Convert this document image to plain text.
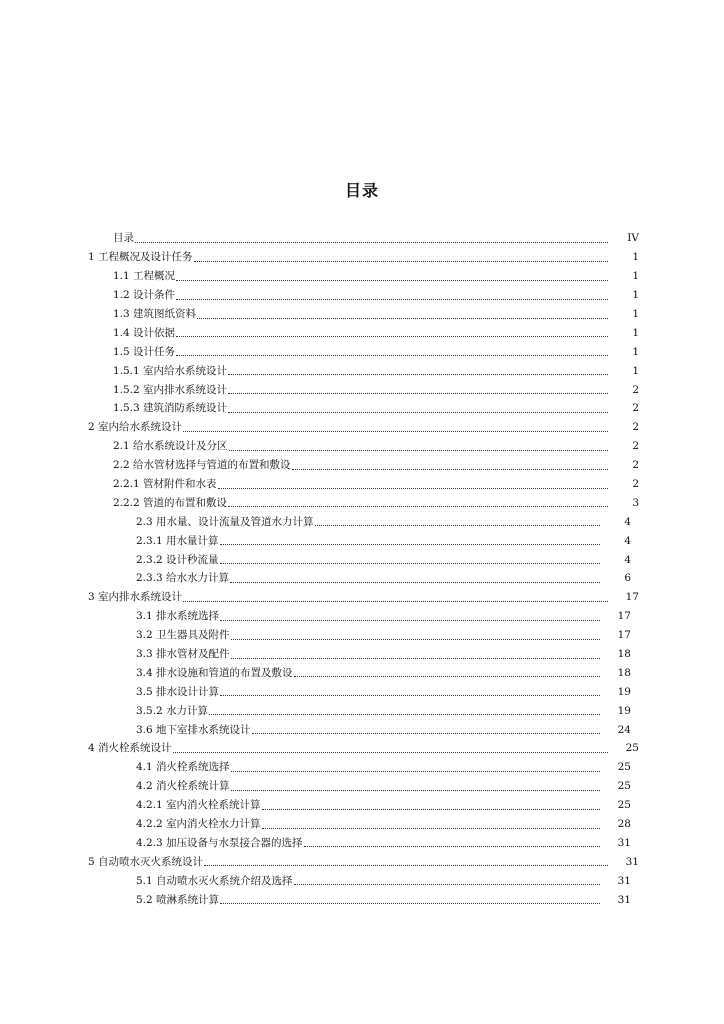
目录
目录	IV
1 工程概况及设计任务	1
1.1 工程概况	1
1.2 设计条件	1
1.3 建筑图纸资料	1
1.4 设计依据	1
1.5 设计任务	1
1.5.1 室内给水系统设计	1
1.5.2 室内排水系统设计	2
1.5.3 建筑消防系统设计	2
2 室内给水系统设计	2
2.1 给水系统设计及分区	2
2.2 给水管材选择与管道的布置和敷设	2
2.2.1 管材附件和水表	2
2.2.2 管道的布置和敷设	3
2.3 用水量、设计流量及管道水力计算	4
2.3.1 用水量计算	4
2.3.2 设计秒流量	4
2.3.3 给水水力计算	6
3 室内排水系统设计	17
3.1 排水系统选择	17
3.2 卫生器具及附件	17
3.3 排水管材及配件	18
3.4 排水设施和管道的布置及敷设	18
3.5 排水设计计算	19
3.5.2 水力计算	19
3.6 地下室排水系统设计	24
4 消火栓系统设计	25
4.1 消火栓系统选择	25
4.2 消火栓系统计算	25
4.2.1 室内消火栓系统计算	25
4.2.2 室内消火栓水力计算	28
4.2.3 加压设备与水泵接合器的选择	31
5 自动喷水灭火系统设计	31
5.1 自动喷水灭火系统介绍及选择	31
5.2 喷淋系统计算	31
